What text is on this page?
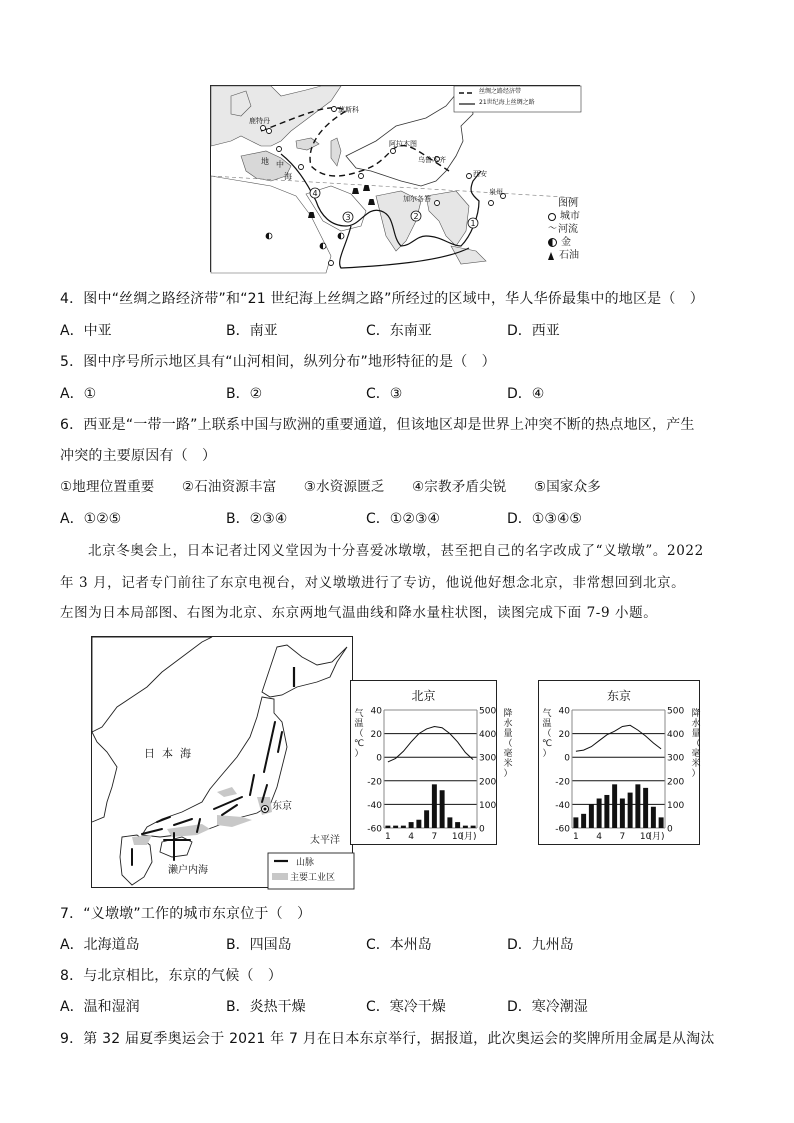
4
3	2
1
莫斯科
鹿特丹
阿拉木图
乌鲁木齐
西安
泉州
加尔各答
地 中
海
丝绸之路经济带
21世纪海上丝绸之路
图例
城市
～ 河流
金
石油
4．图中“丝绸之路经济带”和“21 世纪海上丝绸之路”所经过的区域中，华人华侨最集中的地区是（　）
A．中亚	B．南亚	C．东南亚	D．西亚
5．图中序号所示地区具有“山河相间，纵列分布”地形特征的是（　）
A．①	B．②	C．③	D．④
6．西亚是“一带一路”上联系中国与欧洲的重要通道，但该地区却是世界上冲突不断的热点地区，产生
冲突的主要原因有（　）
①地理位置重要　　②石油资源丰富　　③水资源匮乏　　④宗教矛盾尖锐　　⑤国家众多
A．①②⑤	B．②③④	C．①②③④	D．①③④⑤
北京冬奥会上，日本记者辻冈义堂因为十分喜爱冰墩墩，甚至把自己的名字改成了“义墩墩”。2022
年 3 月，记者专门前往了东京电视台，对义墩墩进行了专访，他说他好想念北京，非常想回到北京。
左图为日本局部图、右图为北京、东京两地气温曲线和降水量柱状图，读图完成下面 7-9 小题。
日  本  海
东京
太平洋
濑户内海
山脉
主要工业区
北京
40
20
0
-20
-40
-60
500
400
300
200
100
0
1 4 7 10
(月)
气
温
（
℃
）
降
水
量
（
毫
米
）
东京
40
20
0
-20
-40
-60
500
400
300
200
100
0
1 4 7 10
(月)
气
温
（
℃
）
降
水
量
（
毫
米
）
7．“义墩墩”工作的城市东京位于（　）
A．北海道岛	B．四国岛	C．本州岛	D．九州岛
8．与北京相比，东京的气候（　）
A．温和湿润	B．炎热干燥	C．寒冷干燥	D．寒冷潮湿
9．第 32 届夏季奥运会于 2021 年 7 月在日本东京举行，据报道，此次奥运会的奖牌所用金属是从淘汰
